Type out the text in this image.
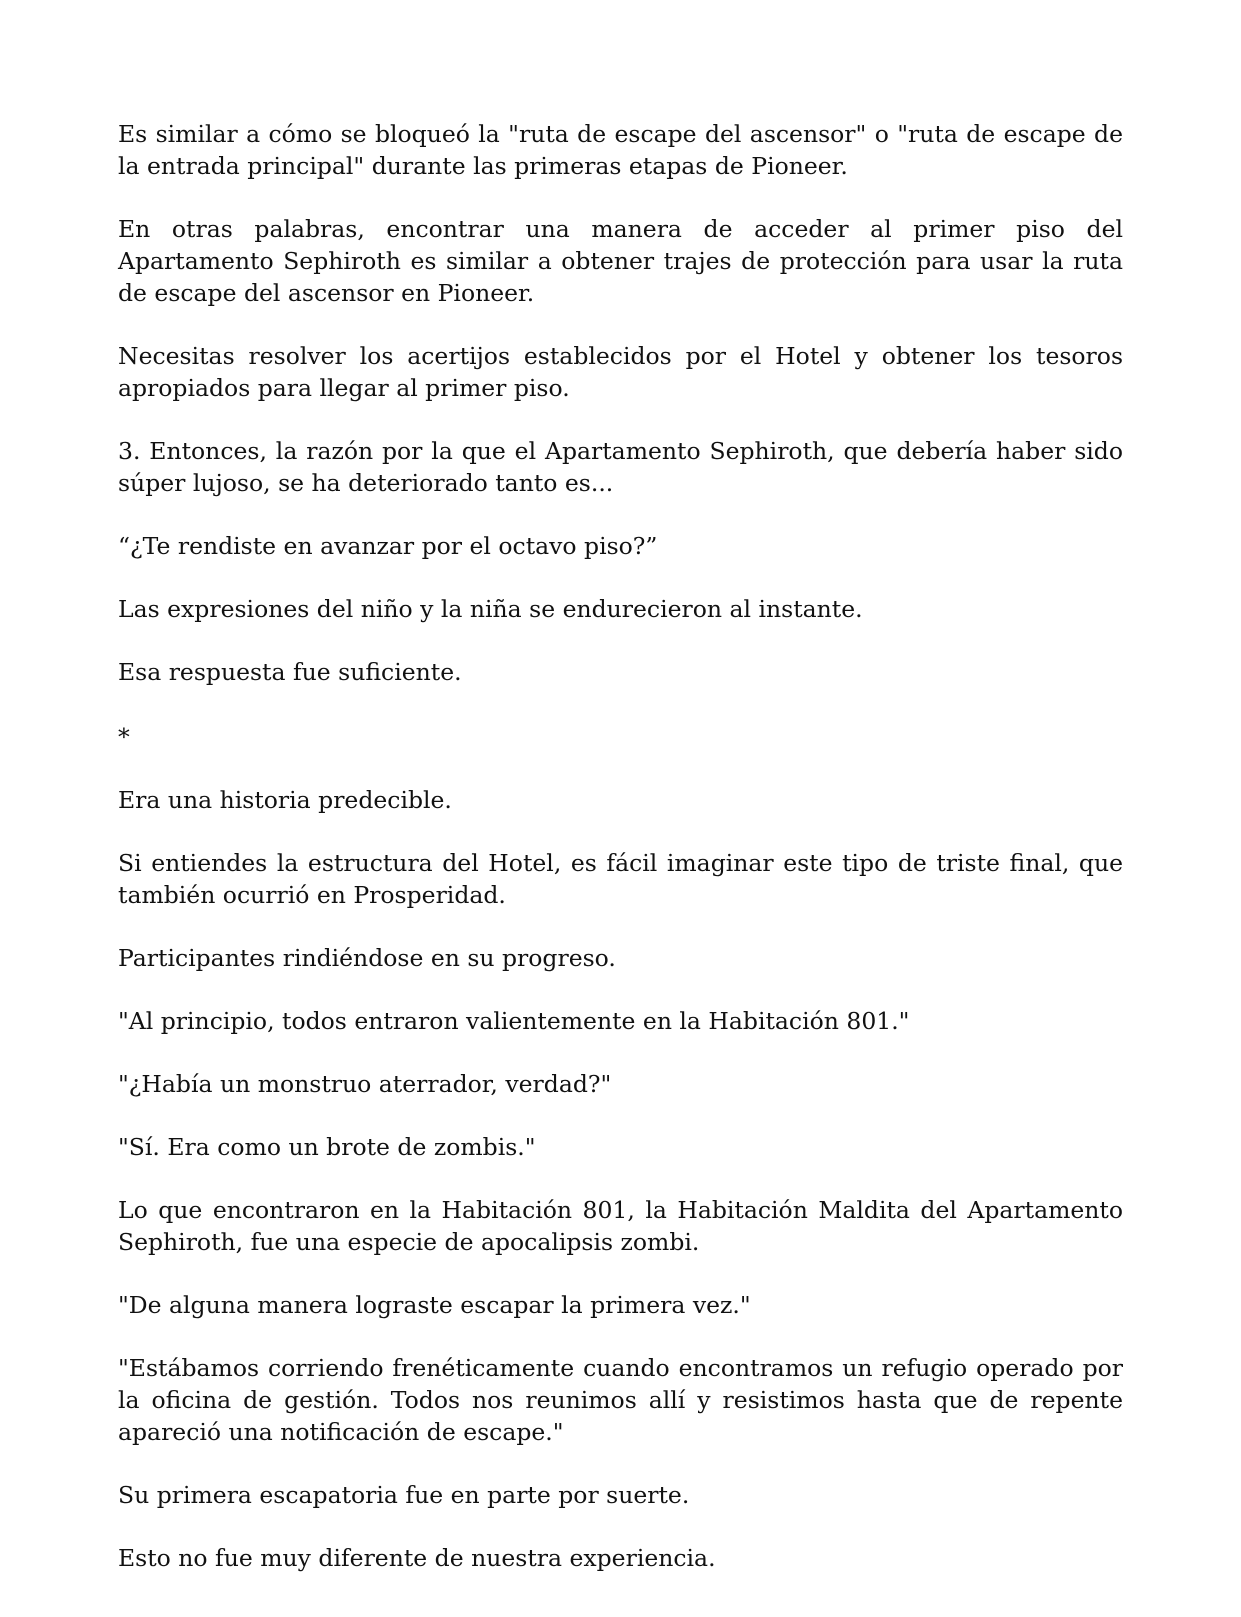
Es similar a cómo se bloqueó la "ruta de escape del ascensor" o "ruta de escape de la entrada principal" durante las primeras etapas de Pioneer.

En otras palabras, encontrar una manera de acceder al primer piso del Apartamento Sephiroth es similar a obtener trajes de protección para usar la ruta de escape del ascensor en Pioneer.

Necesitas resolver los acertijos establecidos por el Hotel y obtener los tesoros apropiados para llegar al primer piso.

3. Entonces, la razón por la que el Apartamento Sephiroth, que debería haber sido súper lujoso, se ha deteriorado tanto es...

“¿Te rendiste en avanzar por el octavo piso?”

Las expresiones del niño y la niña se endurecieron al instante.

Esa respuesta fue suficiente.

*

Era una historia predecible.

Si entiendes la estructura del Hotel, es fácil imaginar este tipo de triste final, que también ocurrió en Prosperidad.

Participantes rindiéndose en su progreso.

"Al principio, todos entraron valientemente en la Habitación 801."

"¿Había un monstruo aterrador, verdad?"

"Sí. Era como un brote de zombis."

Lo que encontraron en la Habitación 801, la Habitación Maldita del Apartamento Sephiroth, fue una especie de apocalipsis zombi.

"De alguna manera lograste escapar la primera vez."

"Estábamos corriendo frenéticamente cuando encontramos un refugio operado por la oficina de gestión. Todos nos reunimos allí y resistimos hasta que de repente apareció una notificación de escape."

Su primera escapatoria fue en parte por suerte.

Esto no fue muy diferente de nuestra experiencia.
